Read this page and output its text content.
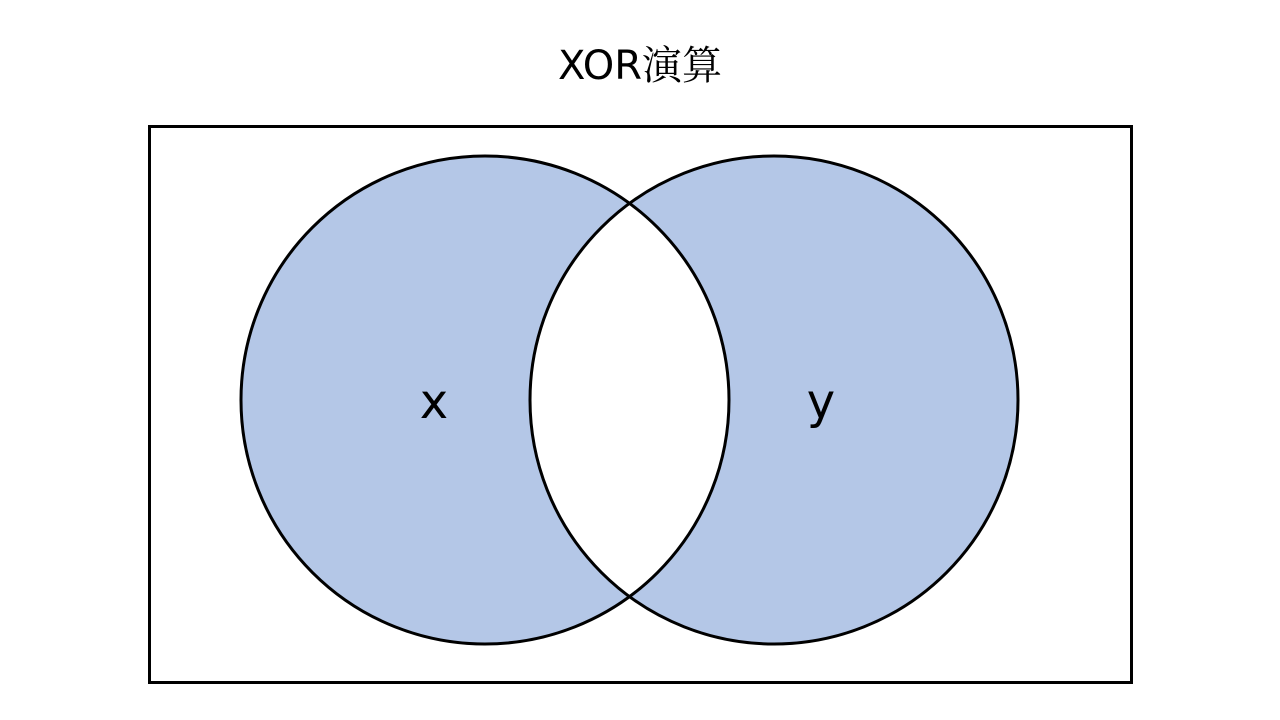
XOR演算
x	y
